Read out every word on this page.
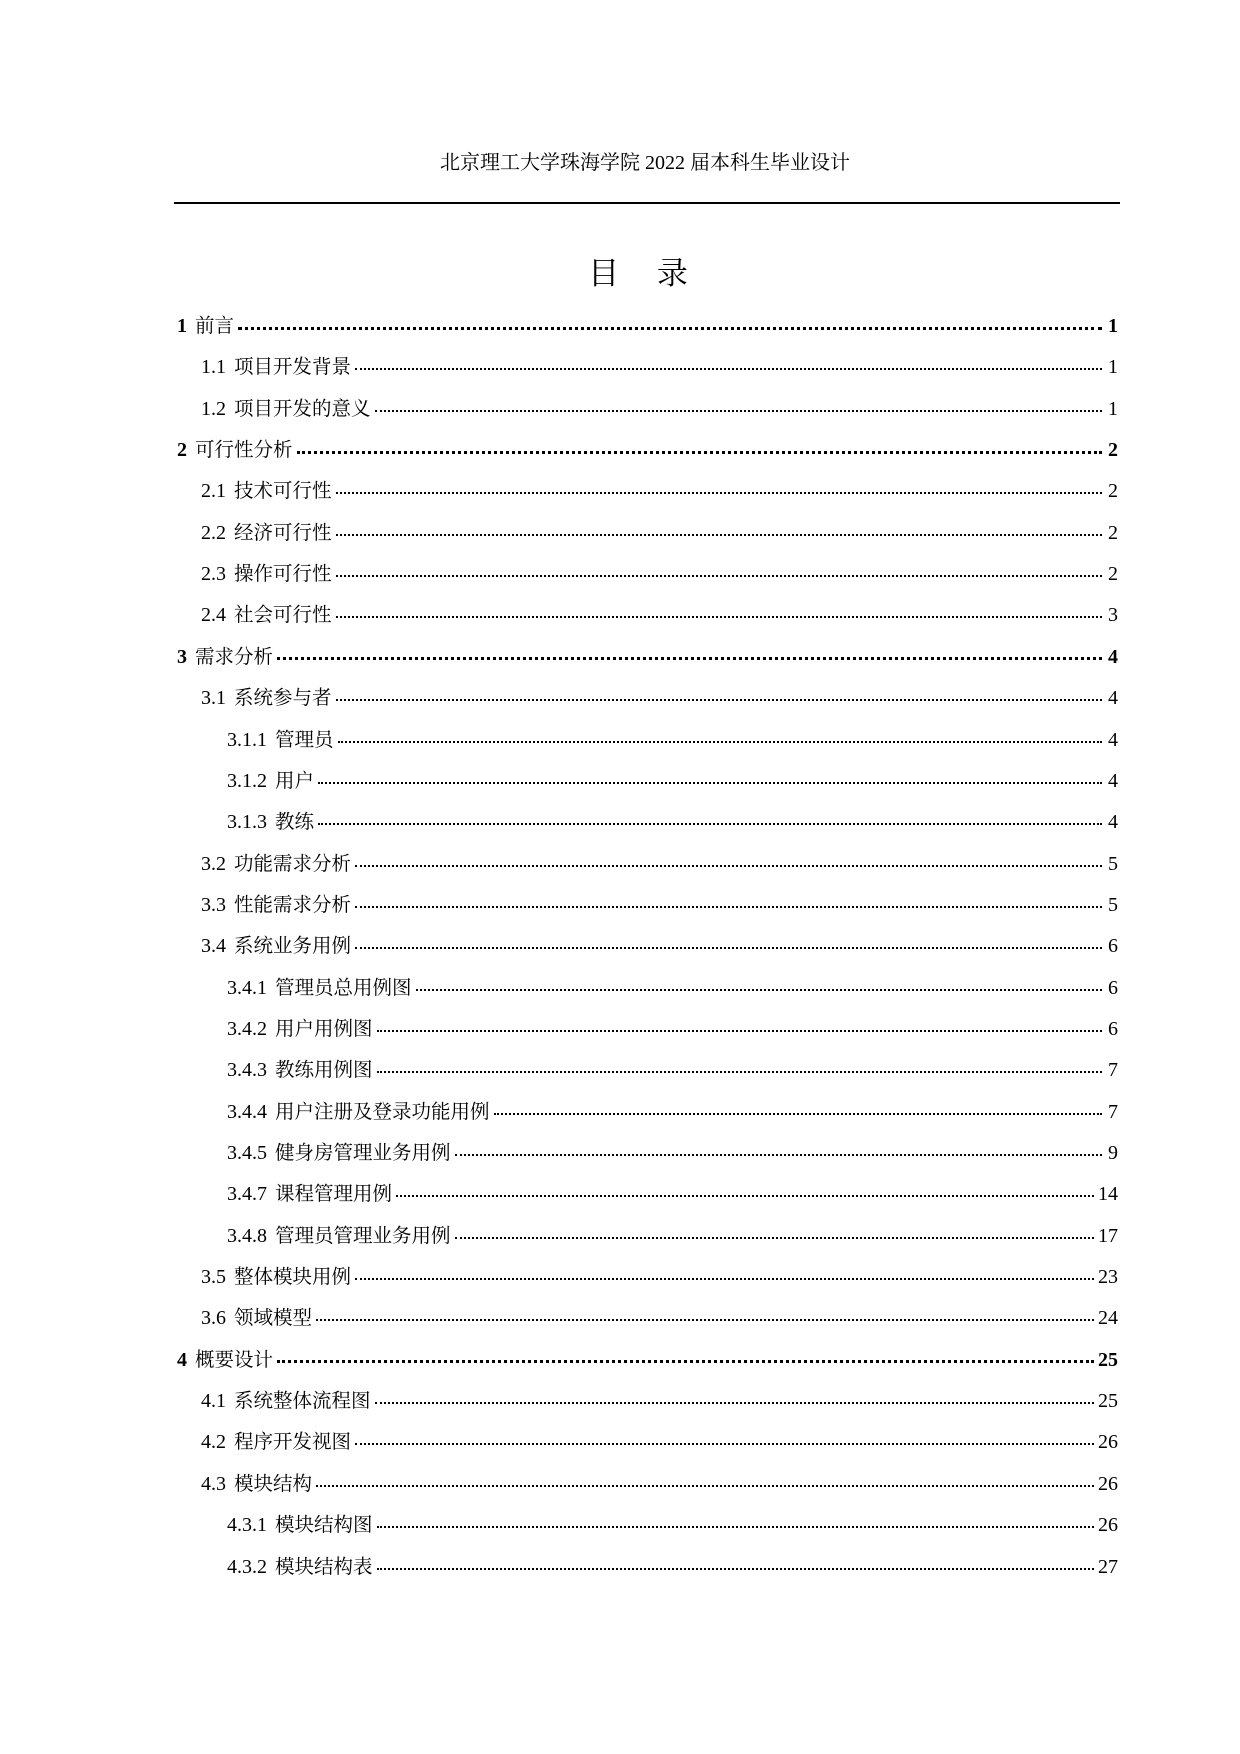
北京理工大学珠海学院 2022 届本科生毕业设计
目 录
1 前言	1
1.1 项目开发背景	1
1.2 项目开发的意义	1
2 可行性分析	2
2.1 技术可行性	2
2.2 经济可行性	2
2.3 操作可行性	2
2.4 社会可行性	3
3 需求分析	4
3.1 系统参与者	4
3.1.1 管理员	4
3.1.2 用户	4
3.1.3 教练	4
3.2 功能需求分析	5
3.3 性能需求分析	5
3.4 系统业务用例	6
3.4.1 管理员总用例图	6
3.4.2 用户用例图	6
3.4.3 教练用例图	7
3.4.4 用户注册及登录功能用例	7
3.4.5 健身房管理业务用例	9
3.4.7 课程管理用例	14
3.4.8 管理员管理业务用例	17
3.5 整体模块用例	23
3.6 领域模型	24
4 概要设计	25
4.1 系统整体流程图	25
4.2 程序开发视图	26
4.3 模块结构	26
4.3.1 模块结构图	26
4.3.2 模块结构表	27
